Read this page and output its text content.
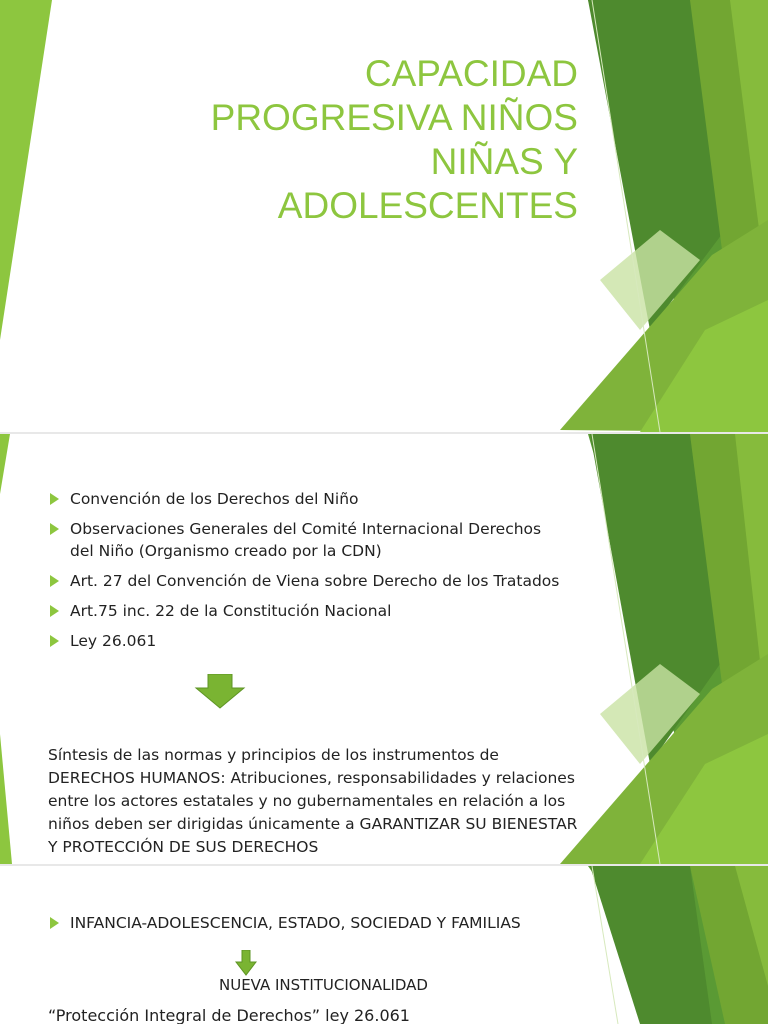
CAPACIDAD
PROGRESIVA NIÑOS
NIÑAS Y
ADOLESCENTES
Convención de los Derechos del Niño
Observaciones Generales del Comité Internacional Derechos del Niño (Organismo creado por la CDN)
Art. 27 del Convención de Viena sobre Derecho de los Tratados
Art.75 inc. 22 de la Constitución Nacional
Ley 26.061

Síntesis de las normas y principios de los instrumentos de DERECHOS HUMANOS: Atribuciones, responsabilidades y relaciones entre los actores estatales y no gubernamentales en relación a los niños deben ser dirigidas únicamente a GARANTIZAR SU BIENESTAR Y PROTECCIÓN DE SUS DERECHOS

INFANCIA-ADOLESCENCIA, ESTADO, SOCIEDAD Y FAMILIAS
NUEVA INSTITUCIONALIDAD
“Protección Integral de Derechos” ley 26.061
